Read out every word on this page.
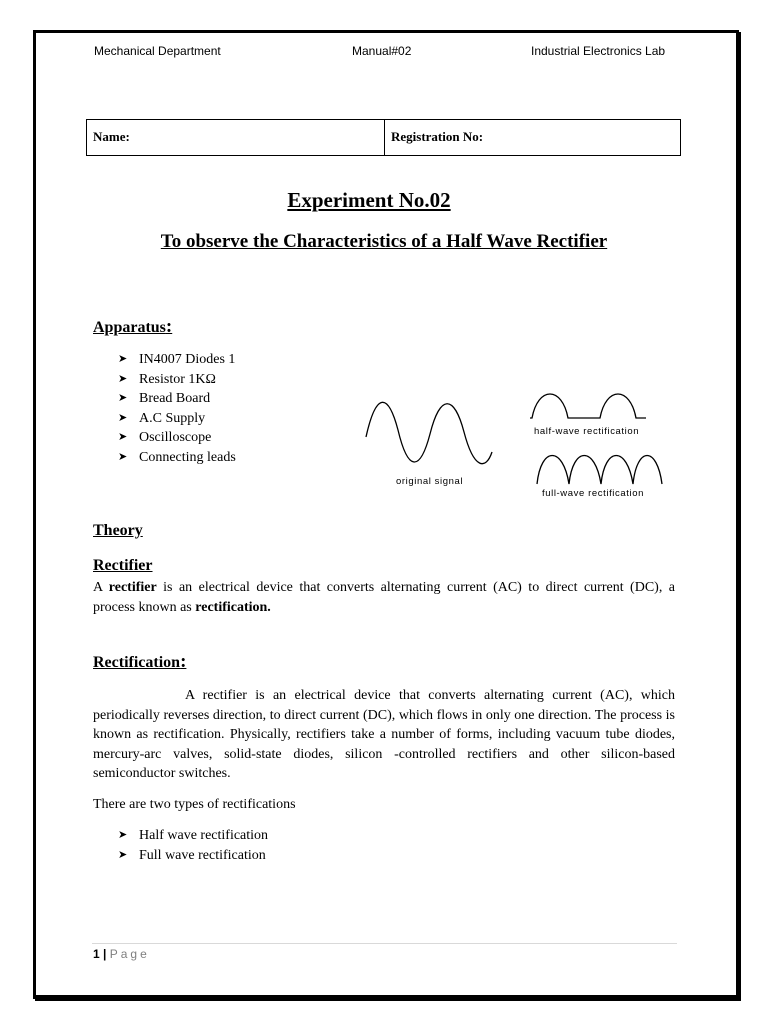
Mechanical Department	Manual#02	Industrial Electronics Lab
Name:	Registration No:
Experiment No.02
To observe the Characteristics of a Half Wave Rectifier
Apparatus:
➤ IN4007 Diodes 1
➤ Resistor 1KΩ
➤ Bread Board
➤ A.C Supply
➤ Oscilloscope
➤ Connecting leads
original signal
half-wave rectification
full-wave rectification
Theory
Rectifier
A rectifier is an electrical device that converts alternating current (AC) to direct current (DC), a process known as rectification.
Rectification:
A rectifier is an electrical device that converts alternating current (AC), which periodically reverses direction, to direct current (DC), which flows in only one direction. The process is known as rectification. Physically, rectifiers take a number of forms, including vacuum tube diodes, mercury-arc valves, solid-state diodes, silicon -controlled rectifiers and other silicon-based semiconductor switches.
There are two types of rectifications
➤ Half wave rectification
➤ Full wave rectification
1 | Page
